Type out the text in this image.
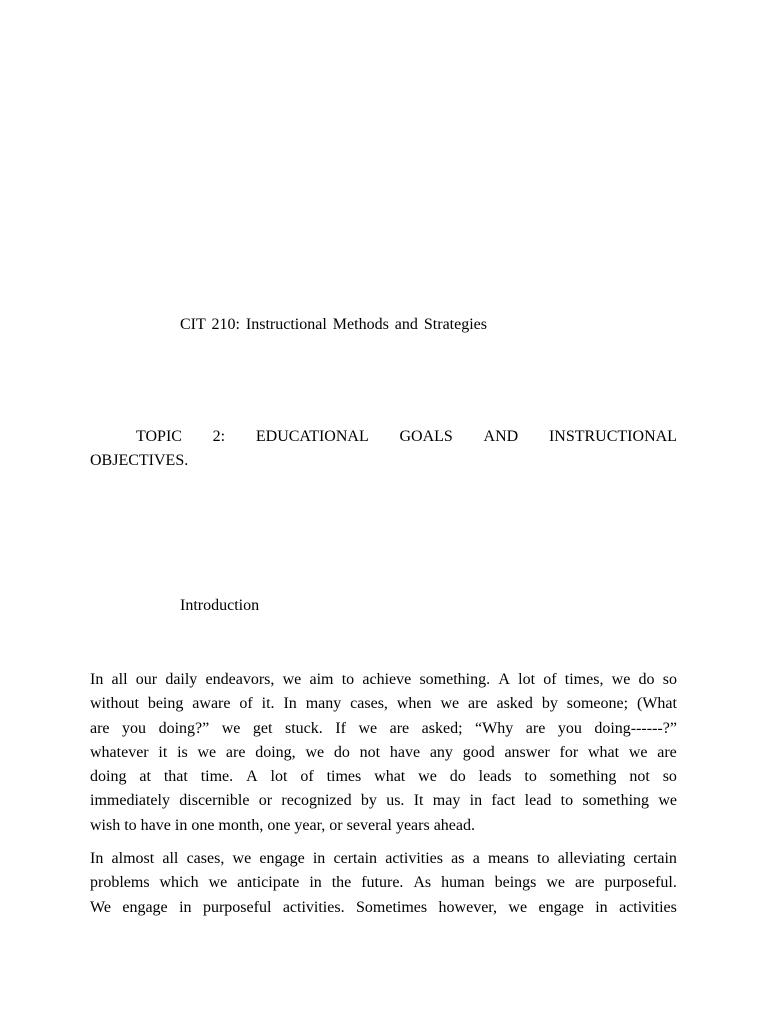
CIT 210: Instructional Methods and Strategies
TOPIC 2: EDUCATIONAL GOALS AND INSTRUCTIONAL
OBJECTIVES.
Introduction
In all our daily endeavors, we aim to achieve something. A lot of times, we do so
without being aware of it. In many cases, when we are asked by someone; (What
are you doing?” we get stuck. If we are asked; “Why are you doing------?”
whatever it is we are doing, we do not have any good answer for what we are
doing at that time. A lot of times what we do leads to something not so
immediately discernible or recognized by us. It may in fact lead to something we
wish to have in one month, one year, or several years ahead.
In almost all cases, we engage in certain activities as a means to alleviating certain
problems which we anticipate in the future. As human beings we are purposeful.
We engage in purposeful activities. Sometimes however, we engage in activities
